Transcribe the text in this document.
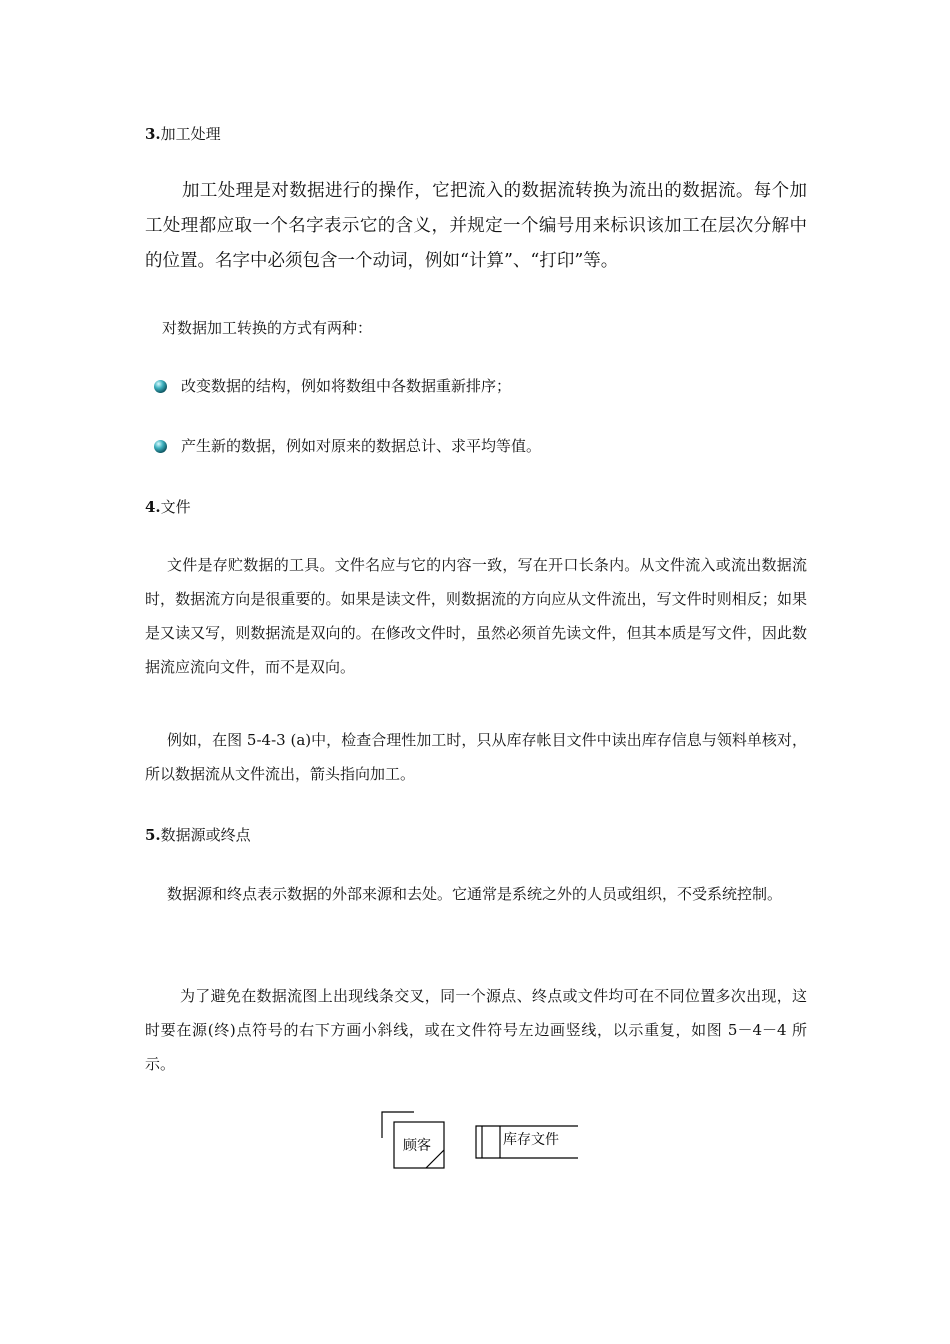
3.加工处理
加工处理是对数据进行的操作，它把流入的数据流转换为流出的数据流。每个加工处理都应取一个名字表示它的含义，并规定一个编号用来标识该加工在层次分解中的位置。名字中必须包含一个动词，例如“计算”、“打印”等。
对数据加工转换的方式有两种：
改变数据的结构，例如将数组中各数据重新排序；
产生新的数据，例如对原来的数据总计、求平均等值。
4.文件
文件是存贮数据的工具。文件名应与它的内容一致，写在开口长条内。从文件流入或流出数据流时，数据流方向是很重要的。如果是读文件，则数据流的方向应从文件流出，写文件时则相反；如果是又读又写，则数据流是双向的。在修改文件时，虽然必须首先读文件，但其本质是写文件，因此数据流应流向文件，而不是双向。
例如，在图 5-4-3 (a)中，检查合理性加工时，只从库存帐目文件中读出库存信息与领料单核对，所以数据流从文件流出，箭头指向加工。
5.数据源或终点
数据源和终点表示数据的外部来源和去处。它通常是系统之外的人员或组织，不受系统控制。
为了避免在数据流图上出现线条交叉，同一个源点、终点或文件均可在不同位置多次出现，这时要在源(终)点符号的右下方画小斜线，或在文件符号左边画竖线，以示重复，如图 5－4－4 所示。
顾客	库存文件
